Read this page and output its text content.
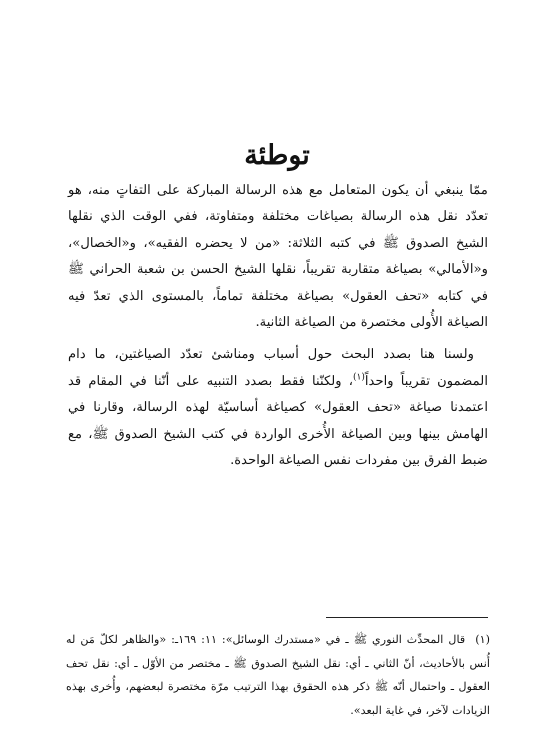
توطئة

ممّا ينبغي أن يكون المتعامل مع هذه الرسالة المباركة على التفاتٍ منه، هو تعدّد نقل هذه الرسالة بصياغات مختلفة ومتفاوتة، ففي الوقت الذي نقلها الشيخ الصدوق ﷺ في كتبه الثلاثة: «من لا يحضره الفقيه»، و«الخصال»، و«الأمالي» بصياغة متقاربة تقريباً، نقلها الشيخ الحسن بن شعبة الحراني ﷺ في كتابه «تحف العقول» بصياغة مختلفة تماماً، بالمستوى الذي تعدّ فيه الصياغة الأُولى مختصرة من الصياغة الثانية.

ولسنا هنا بصدد البحث حول أسباب ومناشئ تعدّد الصياغتين، ما دام المضمون تقريباً واحداً$^{(١)}$، ولكنّنا فقط بصدد التنبيه على أنّنا في المقام قد اعتمدنا صياغة «تحف العقول» كصياغة أساسيّة لهذه الرسالة، وقارنا في الهامش بينها وبين الصياغة الأُخرى الواردة في كتب الشيخ الصدوق ﷺ، مع ضبط الفرق بين مفردات نفس الصياغة الواحدة.

(١)قال المحدِّث النوري ﷺ ـ في «مستدرك الوسائل»: ١١: ١٦٩ـ: «والظاهر لكلّ مَن له أُنس بالأحاديث، أنّ الثاني ـ أي: نقل الشيخ الصدوق ﷺ ـ مختصر من الأوّل ـ أي: نقل تحف العقول ـ واحتمال أنّه ﷺ ذكر هذه الحقوق بهذا الترتيب مرّة مختصرة لبعضهم، وأُخرى بهذه الزيادات لآخر، في غاية البعد».
